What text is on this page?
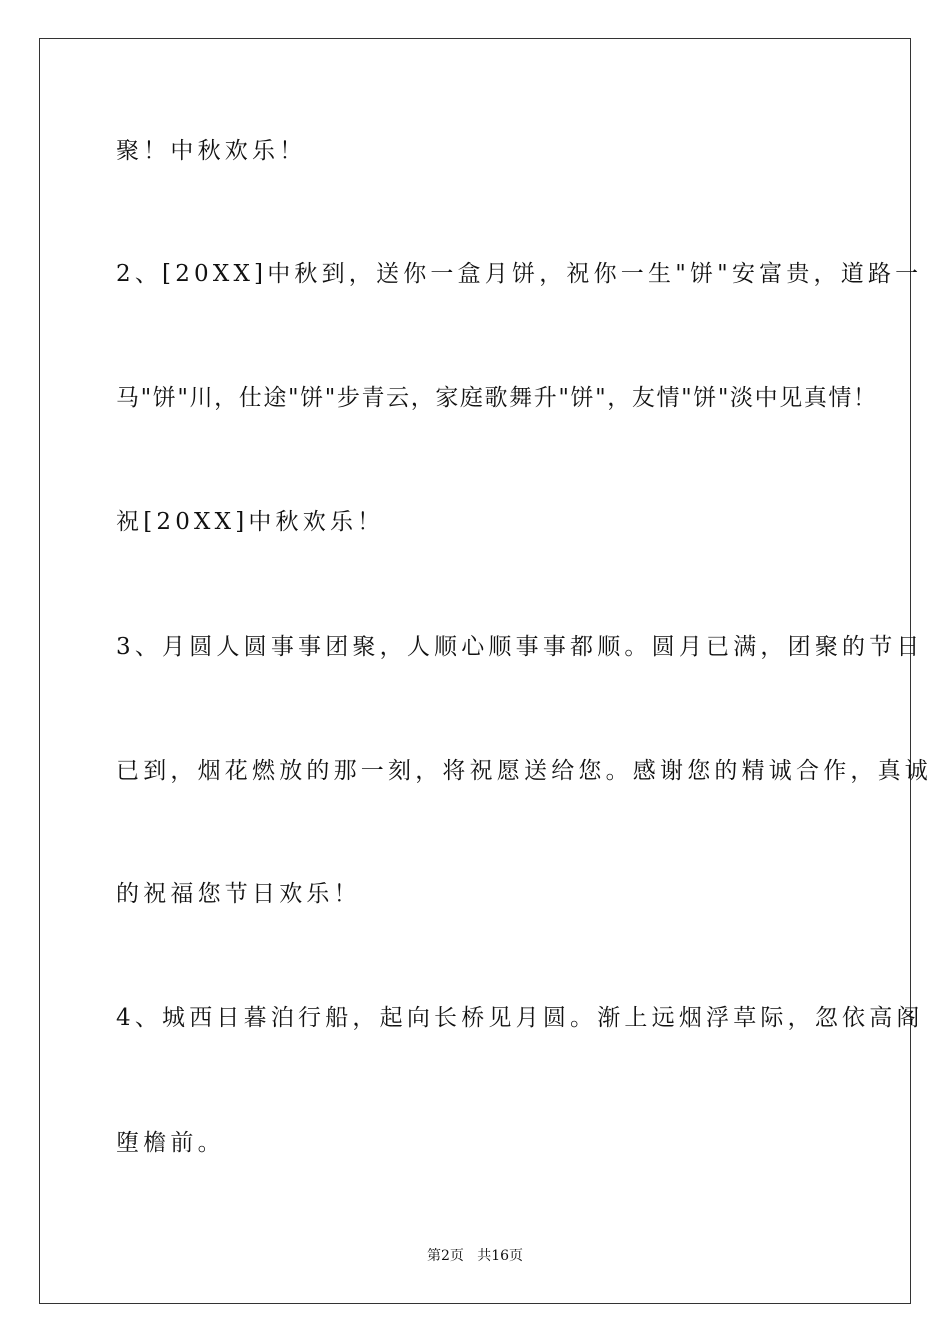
聚！中秋欢乐！
2、[20XX]中秋到，送你一盒月饼，祝你一生"饼"安富贵，道路一
马"饼"川，仕途"饼"步青云，家庭歌舞升"饼"，友情"饼"淡中见真情！
祝[20XX]中秋欢乐！
3、月圆人圆事事团聚，人顺心顺事事都顺。圆月已满，团聚的节日
已到，烟花燃放的那一刻，将祝愿送给您。感谢您的精诚合作，真诚
的祝福您节日欢乐！
4、城西日暮泊行船，起向长桥见月圆。渐上远烟浮草际，忽依高阁
堕檐前。
第2页   共16页
